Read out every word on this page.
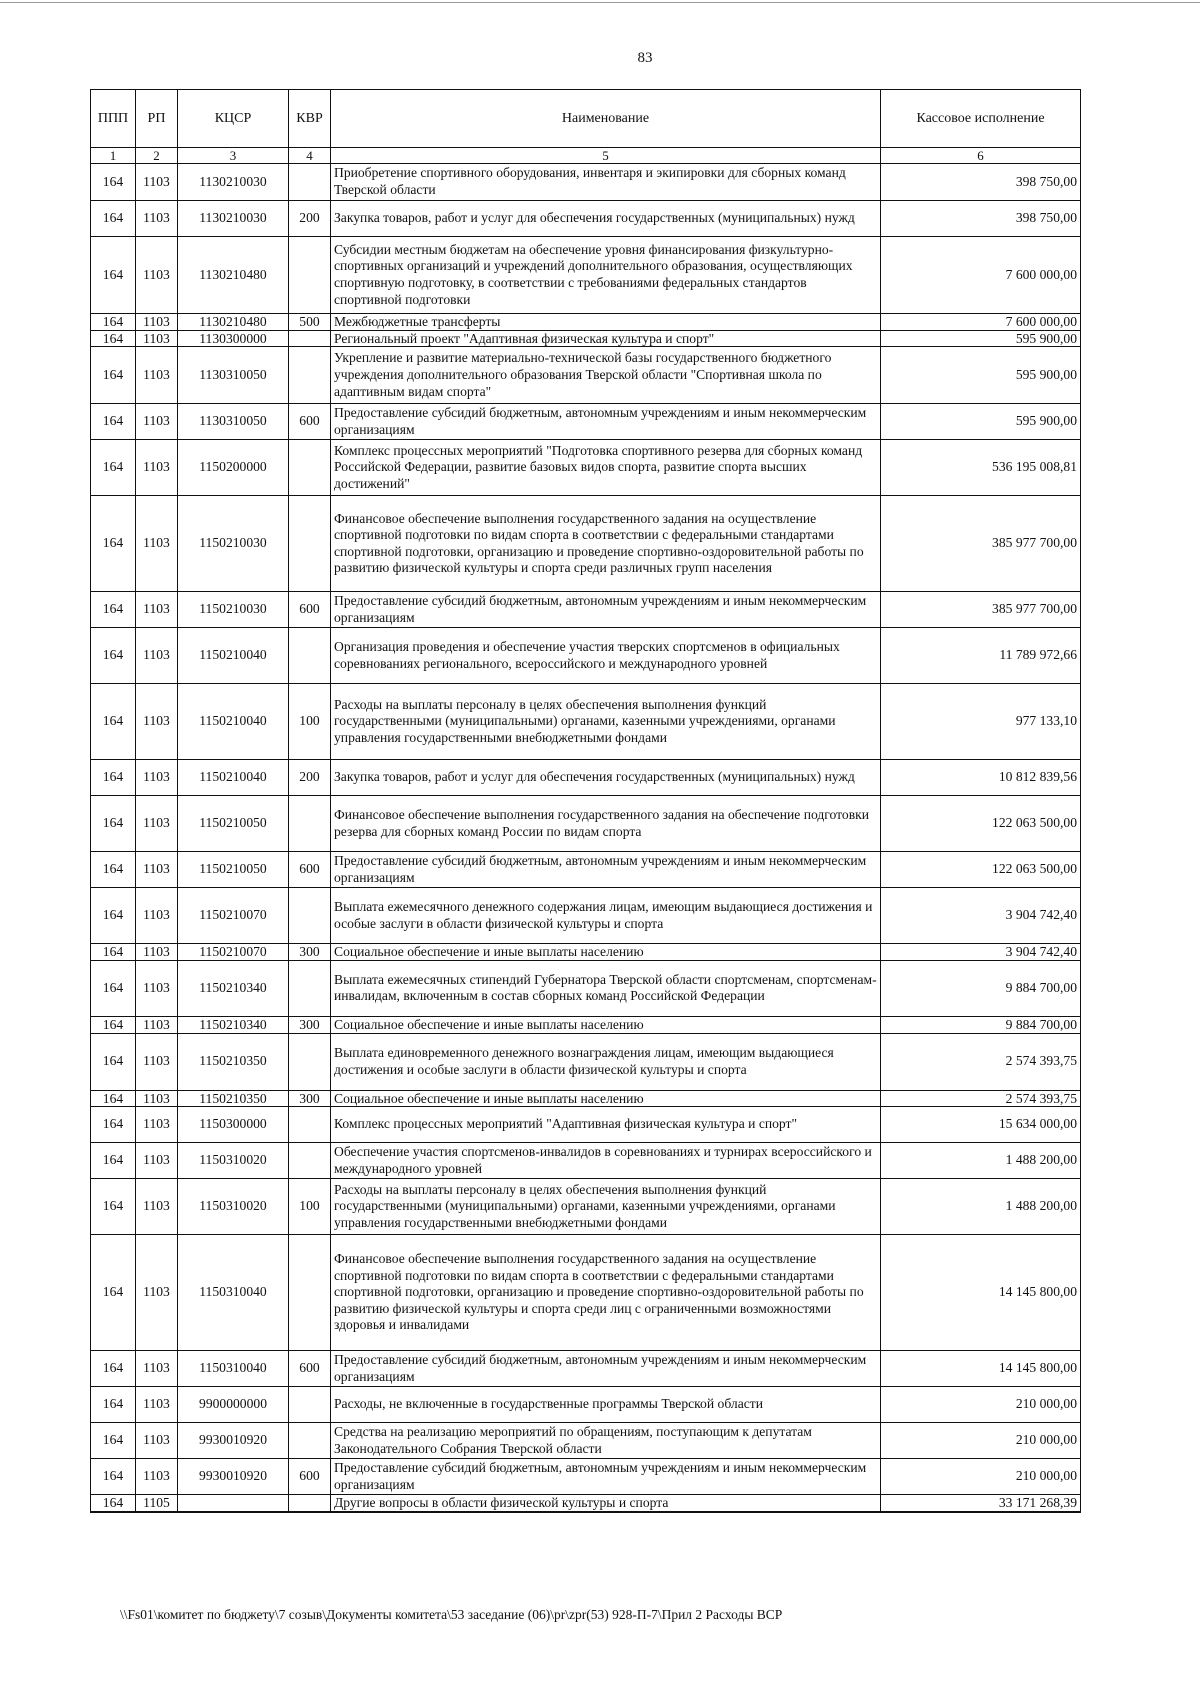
83
ППП	РП	КЦСР	КВР	Наименование	Кассовое исполнение
1	2	3	4	5	6
164	1103	1130210030		Приобретение спортивного оборудования, инвентаря и экипировки для сборных команд Тверской области	398 750,00
164	1103	1130210030	200	Закупка товаров, работ и услуг для обеспечения государственных (муниципальных) нужд	398 750,00
164	1103	1130210480		Субсидии местным бюджетам на обеспечение уровня финансирования физкультурно-спортивных организаций и учреждений дополнительного образования, осуществляющих спортивную подготовку, в соответствии с требованиями федеральных стандартов спортивной подготовки	7 600 000,00
164	1103	1130210480	500	Межбюджетные трансферты	7 600 000,00
164	1103	1130300000		Региональный проект "Адаптивная физическая культура и спорт"	595 900,00
164	1103	1130310050		Укрепление и развитие материально-технической базы государственного бюджетного учреждения дополнительного образования Тверской области "Спортивная школа по адаптивным видам спорта"	595 900,00
164	1103	1130310050	600	Предоставление субсидий бюджетным, автономным учреждениям и иным некоммерческим организациям	595 900,00
164	1103	1150200000		Комплекс процессных мероприятий "Подготовка спортивного резерва для сборных команд Российской Федерации, развитие базовых видов спорта, развитие спорта высших достижений"	536 195 008,81
164	1103	1150210030		Финансовое обеспечение выполнения государственного задания на осуществление спортивной подготовки по видам спорта в соответствии с федеральными стандартами спортивной подготовки, организацию и проведение спортивно-оздоровительной работы по развитию физической культуры и спорта среди различных групп населения	385 977 700,00
164	1103	1150210030	600	Предоставление субсидий бюджетным, автономным учреждениям и иным некоммерческим организациям	385 977 700,00
164	1103	1150210040		Организация проведения и обеспечение участия тверских спортсменов в официальных соревнованиях регионального, всероссийского и международного уровней	11 789 972,66
164	1103	1150210040	100	Расходы на выплаты персоналу в целях обеспечения выполнения функций государственными (муниципальными) органами, казенными учреждениями, органами управления государственными внебюджетными фондами	977 133,10
164	1103	1150210040	200	Закупка товаров, работ и услуг для обеспечения государственных (муниципальных) нужд	10 812 839,56
164	1103	1150210050		Финансовое обеспечение выполнения государственного задания на обеспечение подготовки резерва для сборных команд России по видам спорта	122 063 500,00
164	1103	1150210050	600	Предоставление субсидий бюджетным, автономным учреждениям и иным некоммерческим организациям	122 063 500,00
164	1103	1150210070		Выплата ежемесячного денежного содержания лицам, имеющим выдающиеся достижения и особые заслуги в области физической культуры и спорта	3 904 742,40
164	1103	1150210070	300	Социальное обеспечение и иные выплаты населению	3 904 742,40
164	1103	1150210340		Выплата ежемесячных стипендий Губернатора Тверской области спортсменам, спортсменам-инвалидам, включенным в состав сборных команд Российской Федерации	9 884 700,00
164	1103	1150210340	300	Социальное обеспечение и иные выплаты населению	9 884 700,00
164	1103	1150210350		Выплата единовременного денежного вознаграждения лицам, имеющим выдающиеся достижения и особые заслуги в области физической культуры и спорта	2 574 393,75
164	1103	1150210350	300	Социальное обеспечение и иные выплаты населению	2 574 393,75
164	1103	1150300000		Комплекс процессных мероприятий "Адаптивная физическая культура и спорт"	15 634 000,00
164	1103	1150310020		Обеспечение участия спортсменов-инвалидов в соревнованиях и турнирах всероссийского и международного уровней	1 488 200,00
164	1103	1150310020	100	Расходы на выплаты персоналу в целях обеспечения выполнения функций государственными (муниципальными) органами, казенными учреждениями, органами управления государственными внебюджетными фондами	1 488 200,00
164	1103	1150310040		Финансовое обеспечение выполнения государственного задания на осуществление спортивной подготовки по видам спорта в соответствии с федеральными стандартами спортивной подготовки, организацию и проведение спортивно-оздоровительной работы по развитию физической культуры и спорта среди лиц с ограниченными возможностями здоровья и инвалидами	14 145 800,00
164	1103	1150310040	600	Предоставление субсидий бюджетным, автономным учреждениям и иным некоммерческим организациям	14 145 800,00
164	1103	9900000000		Расходы, не включенные в государственные программы Тверской области	210 000,00
164	1103	9930010920		Средства на реализацию мероприятий по обращениям, поступающим к депутатам Законодательного Собрания Тверской области	210 000,00
164	1103	9930010920	600	Предоставление субсидий бюджетным, автономным учреждениям и иным некоммерческим организациям	210 000,00
164	1105			Другие вопросы в области физической культуры и спорта	33 171 268,39
\\Fs01\комитет по бюджету\7 созыв\Документы комитета\53 заседание (06)\pr\zpr(53) 928-П-7\Прил 2 Расходы ВСР
